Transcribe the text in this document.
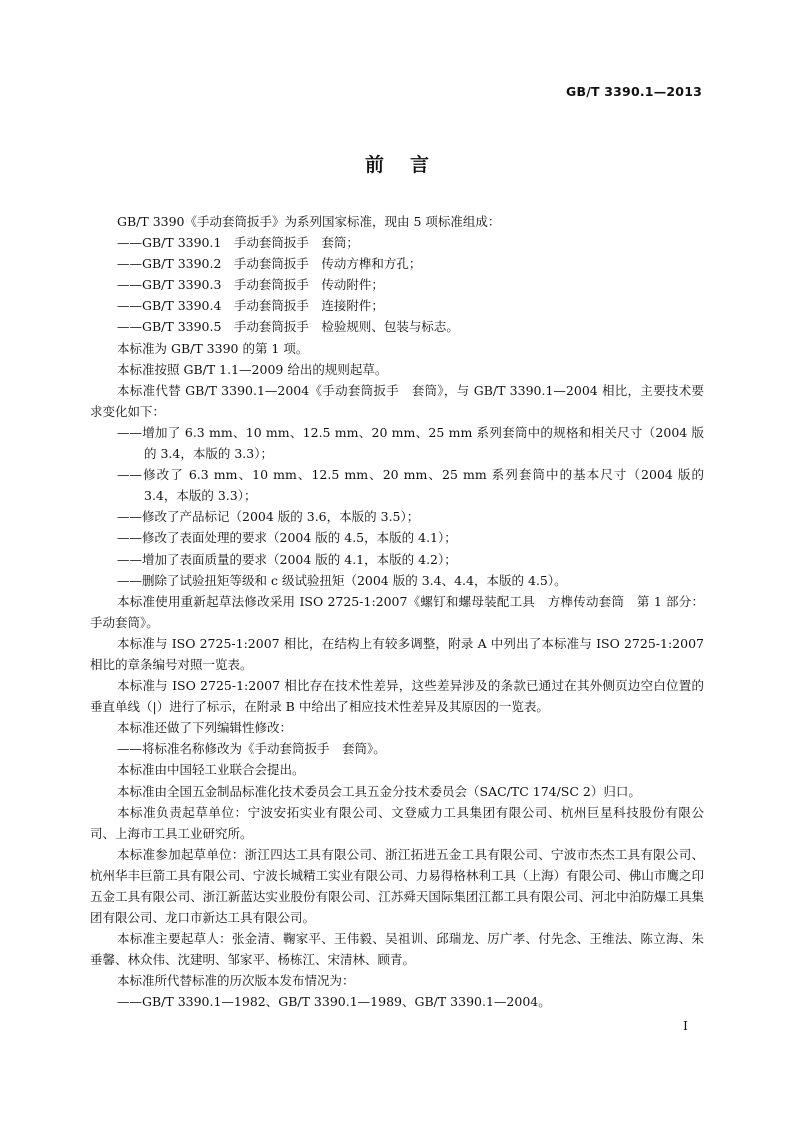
GB/T 3390.1—2013
前言

GB/T 3390《手动套筒扳手》为系列国家标准，现由 5 项标准组成：

——GB/T 3390.1　手动套筒扳手　套筒；

——GB/T 3390.2　手动套筒扳手　传动方榫和方孔；

——GB/T 3390.3　手动套筒扳手　传动附件；

——GB/T 3390.4　手动套筒扳手　连接附件；

——GB/T 3390.5　手动套筒扳手　检验规则、包装与标志。

本标准为 GB/T 3390 的第 1 项。

本标准按照 GB/T 1.1—2009 给出的规则起草。

本标准代替 GB/T 3390.1—2004《手动套筒扳手　套筒》，与 GB/T 3390.1—2004 相比，主要技术要求变化如下：

——增加了 6.3 mm、10 mm、12.5 mm、20 mm、25 mm 系列套筒中的规格和相关尺寸（2004 版的 3.4，本版的 3.3）；

——修改了 6.3 mm、10 mm、12.5 mm、20 mm、25 mm 系列套筒中的基本尺寸（2004 版的 3.4，本版的 3.3）；

——修改了产品标记（2004 版的 3.6，本版的 3.5）；

——修改了表面处理的要求（2004 版的 4.5，本版的 4.1）；

——增加了表面质量的要求（2004 版的 4.1，本版的 4.2）；

——删除了试验扭矩等级和 c 级试验扭矩（2004 版的 3.4、4.4，本版的 4.5）。

本标准使用重新起草法修改采用 ISO 2725-1:2007《螺钉和螺母装配工具　方榫传动套筒　第 1 部分：手动套筒》。

本标准与 ISO 2725-1:2007 相比，在结构上有较多调整，附录 A 中列出了本标准与 ISO 2725-1:2007 相比的章条编号对照一览表。

本标准与 ISO 2725-1:2007 相比存在技术性差异，这些差异涉及的条款已通过在其外侧页边空白位置的垂直单线（|）进行了标示，在附录 B 中给出了相应技术性差异及其原因的一览表。

本标准还做了下列编辑性修改：

——将标准名称修改为《手动套筒扳手　套筒》。

本标准由中国轻工业联合会提出。

本标准由全国五金制品标准化技术委员会工具五金分技术委员会（SAC/TC 174/SC 2）归口。

本标准负责起草单位：宁波安拓实业有限公司、文登威力工具集团有限公司、杭州巨星科技股份有限公司、上海市工具工业研究所。

本标准参加起草单位：浙江四达工具有限公司、浙江拓进五金工具有限公司、宁波市杰杰工具有限公司、杭州华丰巨箭工具有限公司、宁波长城精工实业有限公司、力易得格林利工具（上海）有限公司、佛山市鹰之印五金工具有限公司、浙江新蓝达实业股份有限公司、江苏舜天国际集团江都工具有限公司、河北中泊防爆工具集团有限公司、龙口市新达工具有限公司。

本标准主要起草人：张金清、鞠家平、王伟毅、吴祖训、邱瑞龙、厉广孝、付先念、王维法、陈立海、朱垂馨、林众伟、沈建明、邹家平、杨栋江、宋清林、顾青。

本标准所代替标准的历次版本发布情况为：

——GB/T 3390.1—1982、GB/T 3390.1—1989、GB/T 3390.1—2004。

I
